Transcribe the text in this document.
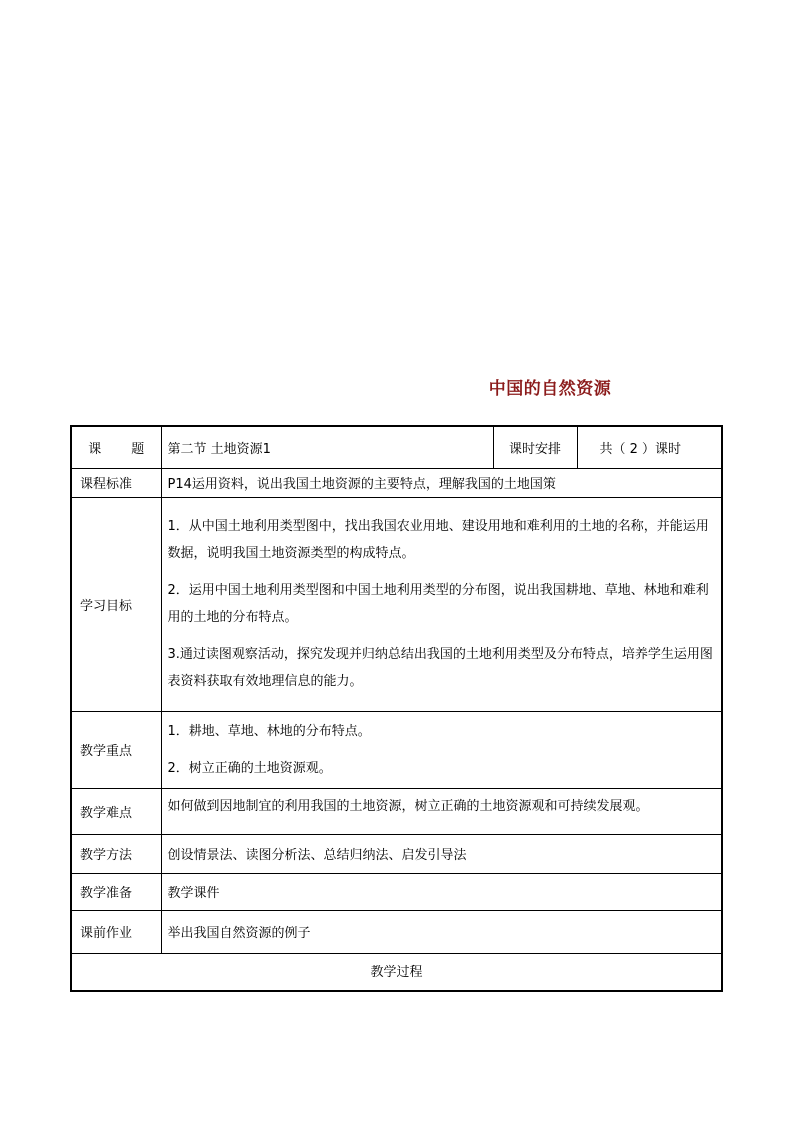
中国的自然资源
课 题	第二节 土地资源1	课时安排	共（ 2 ）课时
课程标准	P14运用资料，说出我国土地资源的主要特点，理解我国的土地国策		
学习目标	1．从中国土地利用类型图中，找出我国农业用地、建设用地和难利用的土地的名称，并能运用数据，说明我国土地资源类型的构成特点。

2．运用中国土地利用类型图和中国土地利用类型的分布图，说出我国耕地、草地、林地和难利用的土地的分布特点。

3.通过读图观察活动，探究发现并归纳总结出我国的土地利用类型及分布特点，培养学生运用图表资料获取有效地理信息的能力。		

教学重点	1．耕地、草地、林地的分布特点。

2．树立正确的土地资源观。		

教学难点	如何做到因地制宜的利用我国的土地资源，树立正确的土地资源观和可持续发展观。		
教学方法	创设情景法、读图分析法、总结归纳法、启发引导法		
教学准备	教学课件		
课前作业	举出我国自然资源的例子		
教学过程			
